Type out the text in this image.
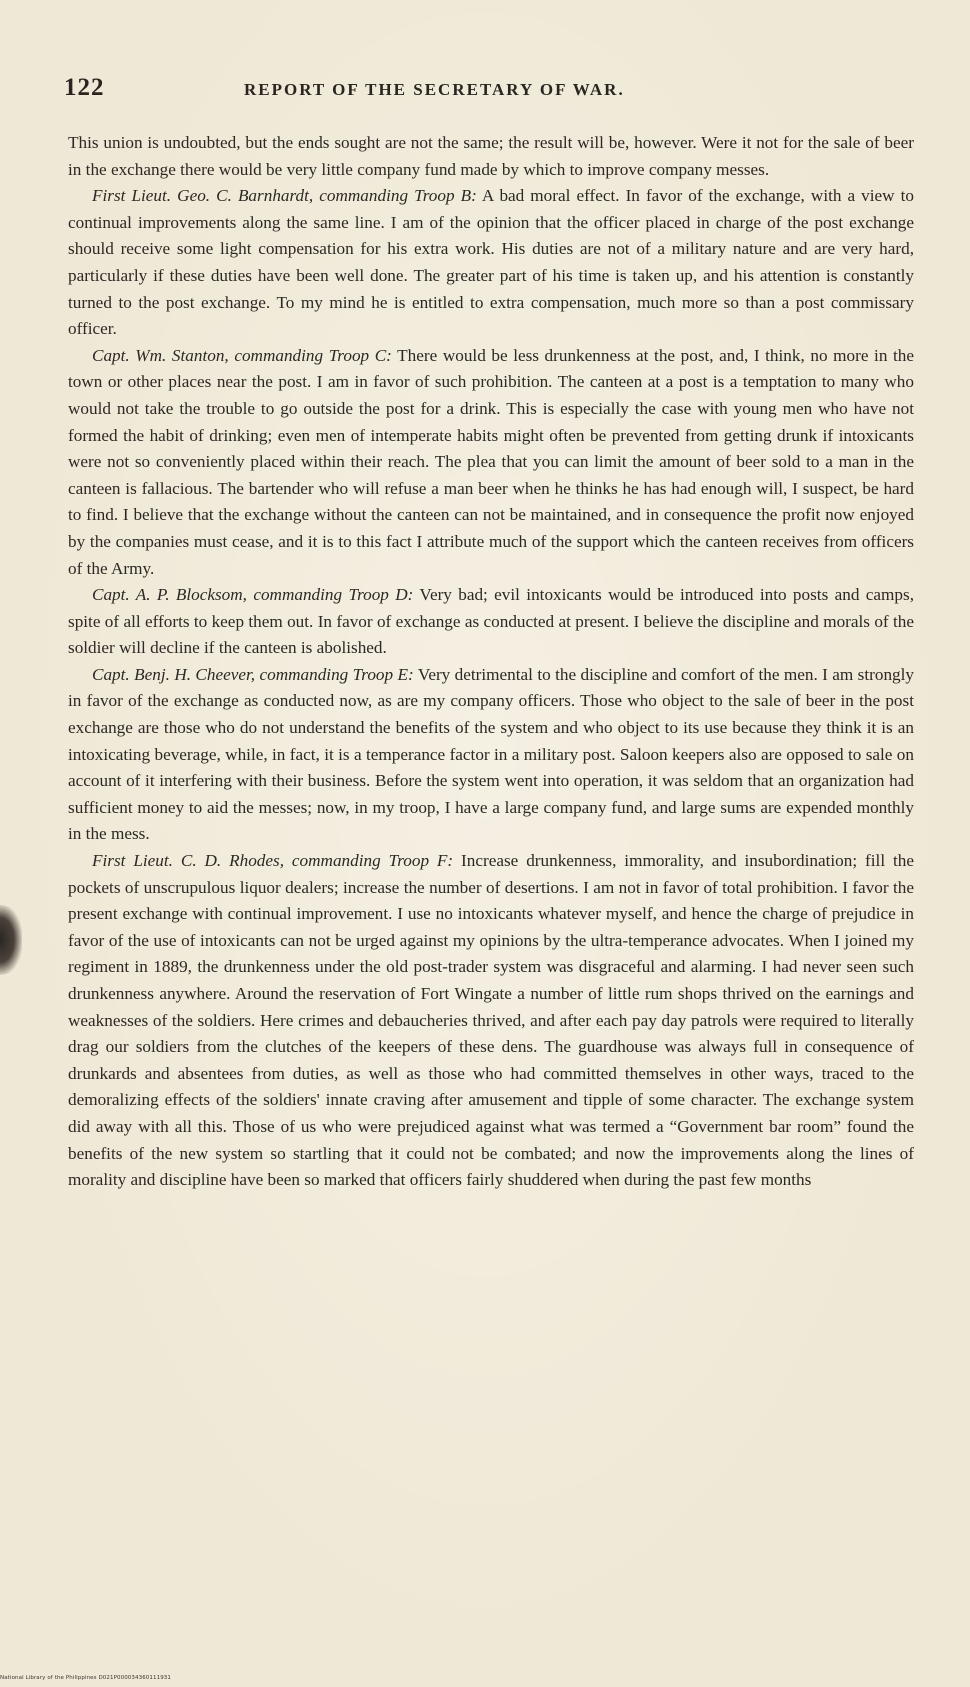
122	REPORT OF THE SECRETARY OF WAR.

This union is undoubted, but the ends sought are not the same; the result will be, however. Were it not for the sale of beer in the exchange there would be very little company fund made by which to improve company messes.

First Lieut. Geo. C. Barnhardt, commanding Troop B: A bad moral effect. In favor of the exchange, with a view to continual improvements along the same line. I am of the opinion that the officer placed in charge of the post exchange should receive some light compensation for his extra work. His duties are not of a military nature and are very hard, particularly if these duties have been well done. The greater part of his time is taken up, and his attention is constantly turned to the post exchange. To my mind he is entitled to extra compensation, much more so than a post commissary officer.

Capt. Wm. Stanton, commanding Troop C: There would be less drunkenness at the post, and, I think, no more in the town or other places near the post. I am in favor of such prohibition. The canteen at a post is a temptation to many who would not take the trouble to go outside the post for a drink. This is especially the case with young men who have not formed the habit of drinking; even men of intemperate habits might often be prevented from getting drunk if intoxicants were not so conveniently placed within their reach. The plea that you can limit the amount of beer sold to a man in the canteen is fallacious. The bartender who will refuse a man beer when he thinks he has had enough will, I suspect, be hard to find. I believe that the exchange without the canteen can not be maintained, and in consequence the profit now enjoyed by the companies must cease, and it is to this fact I attribute much of the support which the canteen receives from officers of the Army.

Capt. A. P. Blocksom, commanding Troop D: Very bad; evil intoxicants would be introduced into posts and camps, spite of all efforts to keep them out. In favor of exchange as conducted at present. I believe the discipline and morals of the soldier will decline if the canteen is abolished.

Capt. Benj. H. Cheever, commanding Troop E: Very detrimental to the discipline and comfort of the men. I am strongly in favor of the exchange as conducted now, as are my company officers. Those who object to the sale of beer in the post exchange are those who do not understand the benefits of the system and who object to its use because they think it is an intoxicating beverage, while, in fact, it is a temperance factor in a military post. Saloon keepers also are opposed to sale on account of it interfering with their business. Before the system went into operation, it was seldom that an organization had sufficient money to aid the messes; now, in my troop, I have a large company fund, and large sums are expended monthly in the mess.

First Lieut. C. D. Rhodes, commanding Troop F: Increase drunkenness, immorality, and insubordination; fill the pockets of unscrupulous liquor dealers; increase the number of desertions. I am not in favor of total prohibition. I favor the present exchange with continual improvement. I use no intoxicants whatever myself, and hence the charge of prejudice in favor of the use of intoxicants can not be urged against my opinions by the ultra-temperance advocates. When I joined my regiment in 1889, the drunkenness under the old post-trader system was disgraceful and alarming. I had never seen such drunkenness anywhere. Around the reservation of Fort Wingate a number of little rum shops thrived on the earnings and weaknesses of the soldiers. Here crimes and debaucheries thrived, and after each pay day patrols were required to literally drag our soldiers from the clutches of the keepers of these dens. The guardhouse was always full in consequence of drunkards and absentees from duties, as well as those who had committed themselves in other ways, traced to the demoralizing effects of the soldiers' innate craving after amusement and tipple of some character. The exchange system did away with all this. Those of us who were prejudiced against what was termed a “Government bar room” found the benefits of the new system so startling that it could not be combated; and now the improvements along the lines of morality and discipline have been so marked that officers fairly shuddered when during the past few months

National Library of the Philippines D021P000034360111931
